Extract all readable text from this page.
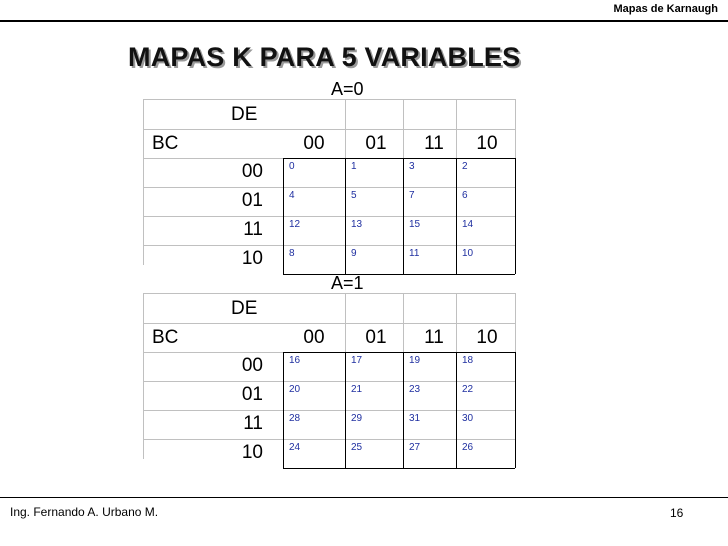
Mapas de Karnaugh
MAPAS K PARA 5 VARIABLES
A=0
DE
BC	00	01	11	10
00	0	1	3	2
01	4	5	7	6
11	12	13	15	14
10	8	9	11	10
A=1
DE
BC	00	01	11	10
00	16	17	19	18
01	20	21	23	22
11	28	29	31	30
10	24	25	27	26
Ing. Fernando A. Urbano M.	16
